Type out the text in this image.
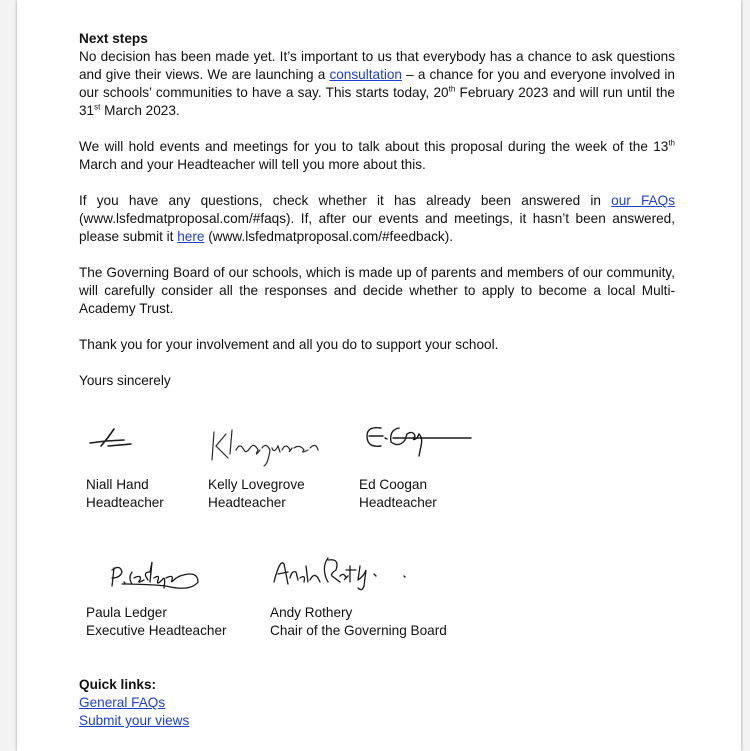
Next steps

No decision has been made yet. It’s important to us that everybody has a chance to ask questions and give their views. We are launching a consultation – a chance for you and everyone involved in our schools’ communities to have a say. This starts today, 20th February 2023 and will run until the 31st March 2023.

We will hold events and meetings for you to talk about this proposal during the week of the 13th March and your Headteacher will tell you more about this.

If you have any questions, check whether it has already been answered in our FAQs (www.lsfedmatproposal.com/#faqs). If, after our events and meetings, it hasn’t been answered, please submit it here (www.lsfedmatproposal.com/#feedback).

The Governing Board of our schools, which is made up of parents and members of our community, will carefully consider all the responses and decide whether to apply to become a local Multi-Academy Trust.

Thank you for your involvement and all you do to support your school.

Yours sincerely

Niall Hand
Headteacher
Kelly Lovegrove
Headteacher
Ed Coogan
Headteacher
Paula Ledger
Executive Headteacher
Andy Rothery
Chair of the Governing Board
Quick links:
General FAQs
Submit your views
